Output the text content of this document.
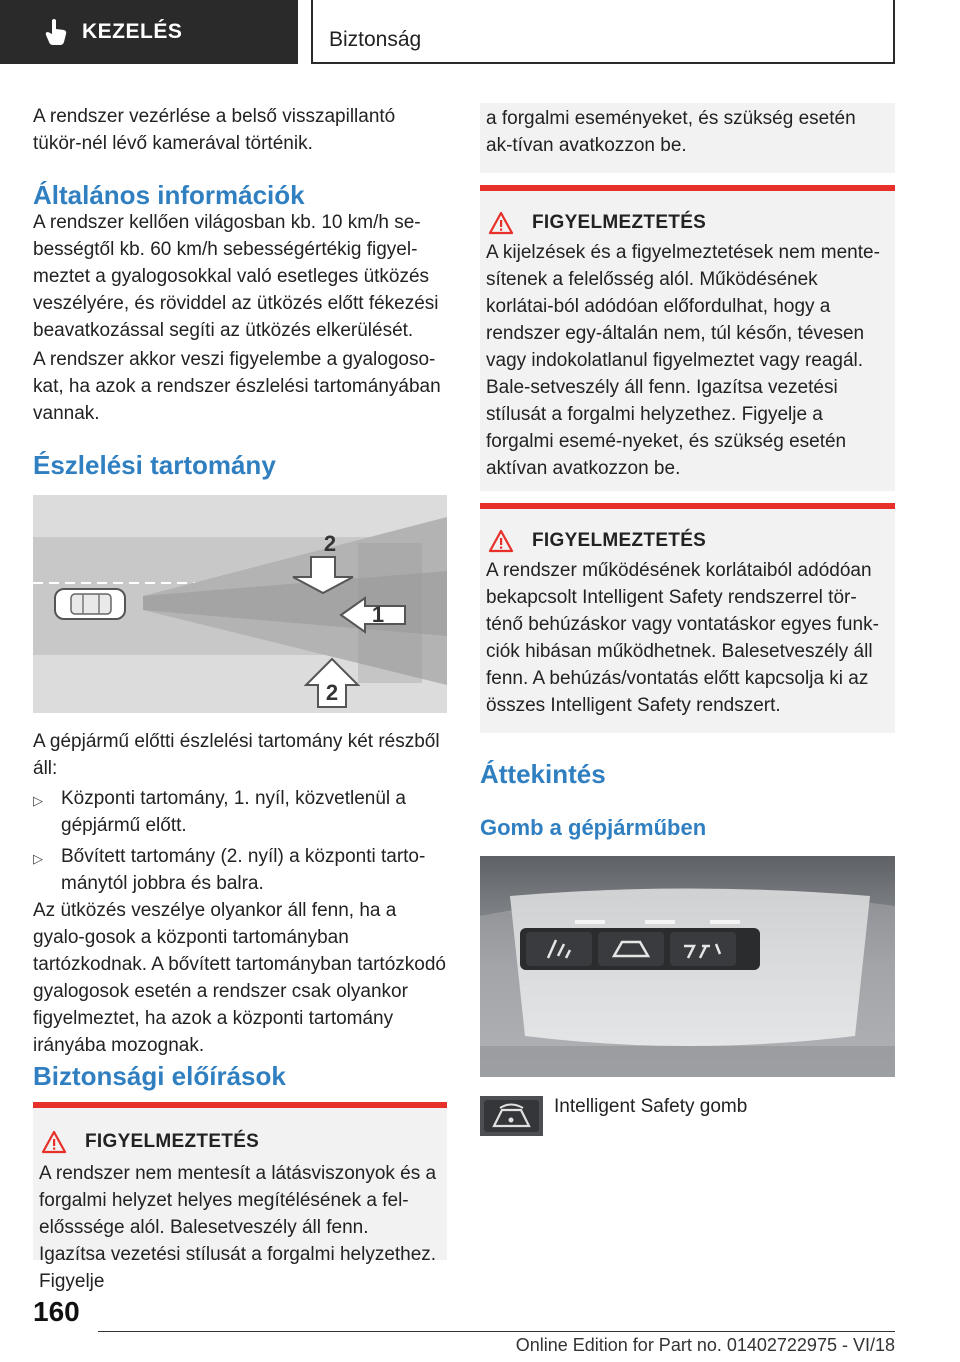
KEZELÉS	Biztonság

A rendszer vezérlése a belső visszapillantó tükör-nél lévő kamerával történik.

Általános információk

A rendszer kellően világosban kb. 10 km/h se-bességtől kb. 60 km/h sebességértékig figyel-meztet a gyalogosokkal való esetleges ütközés veszélyére, és röviddel az ütközés előtt fékezési beavatkozással segíti az ütközés elkerülését.

A rendszer akkor veszi figyelembe a gyalogoso-kat, ha azok a rendszer észlelési tartományában vannak.

Észlelési tartomány
2
1
2

A gépjármű előtti észlelési tartomány két részből áll:

▷ Központi tartomány, 1. nyíl, közvetlenül a gépjármű előtt.
▷ Bővített tartomány (2. nyíl) a központi tarto-mánytól jobbra és balra.

Az ütközés veszélye olyankor áll fenn, ha a gyalo-gosok a központi tartományban tartózkodnak. A bővített tartományban tartózkodó gyalogosok esetén a rendszer csak olyankor figyelmeztet, ha azok a központi tartomány irányába mozognak.

Biztonsági előírások
FIGYELMEZTETÉS

A rendszer nem mentesít a látásviszonyok és a forgalmi helyzet helyes megítélésének a fel-elősssége alól. Balesetveszély áll fenn. Igazítsa vezetési stílusát a forgalmi helyzethez. Figyelje

a forgalmi eseményeket, és szükség esetén ak-tívan avatkozzon be.

FIGYELMEZTETÉS

A kijelzések és a figyelmeztetések nem mente-sítenek a felelősség alól. Működésének korlátai-ból adódóan előfordulhat, hogy a rendszer egy-általán nem, túl későn, tévesen vagy indokolatlanul figyelmeztet vagy reagál. Bale-setveszély áll fenn. Igazítsa vezetési stílusát a forgalmi helyzethez. Figyelje a forgalmi esemé-nyeket, és szükség esetén aktívan avatkozzon be.

FIGYELMEZTETÉS

A rendszer működésének korlátaiból adódóan bekapcsolt Intelligent Safety rendszerrel tör-ténő behúzáskor vagy vontatáskor egyes funk-ciók hibásan működhetnek. Balesetveszély áll fenn. A behúzás/vontatás előtt kapcsolja ki az összes Intelligent Safety rendszert.

Áttekintés
Gomb a gépjárműben

Intelligent Safety gomb

160
Online Edition for Part no. 01402722975 - VI/18
